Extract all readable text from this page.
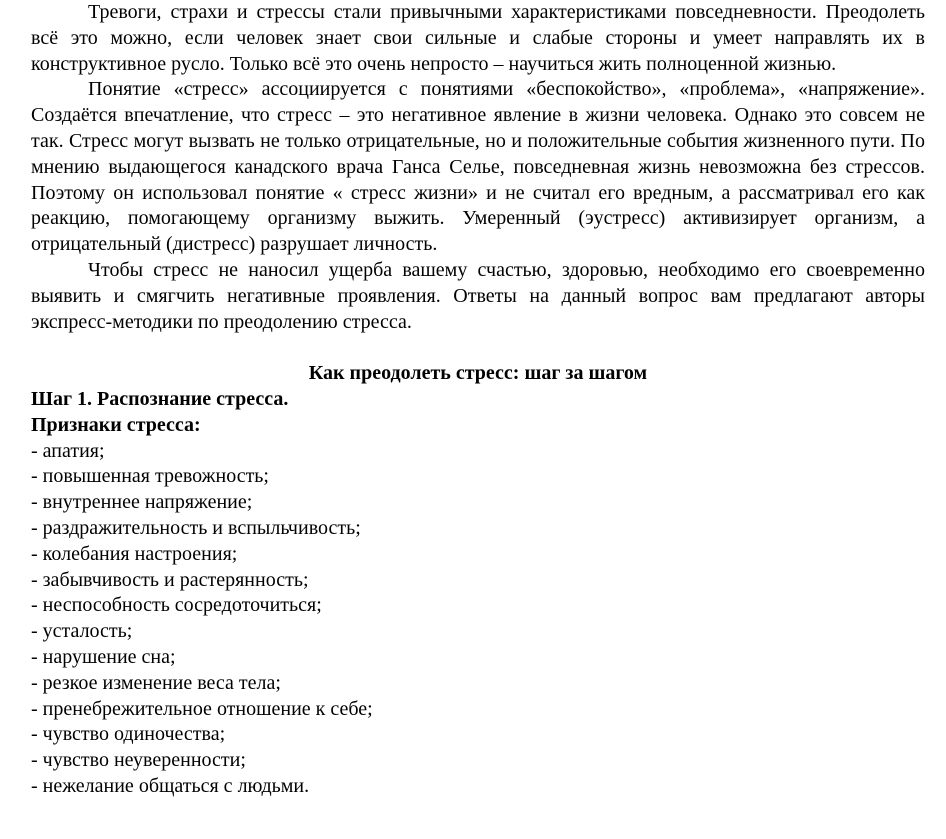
Тревоги, страхи и стрессы стали привычными характеристиками повседневности. Преодолеть всё это можно, если человек знает свои сильные и слабые стороны и умеет направлять их в конструктивное русло. Только всё это очень непросто – научиться жить полноценной жизнью.

Понятие «стресс» ассоциируется с понятиями «беспокойство», «проблема», «напряжение». Создаётся впечатление, что стресс – это негативное явление в жизни человека. Однако это совсем не так. Стресс могут вызвать не только отрицательные, но и положительные события жизненного пути. По мнению выдающегося канадского врача Ганса Селье, повседневная жизнь невозможна без стрессов. Поэтому он использовал понятие « стресс жизни» и не считал его вредным, а рассматривал его как реакцию, помогающему организму выжить. Умеренный (эустресс) активизирует организм, а отрицательный (дистресс) разрушает личность.

Чтобы стресс не наносил ущерба вашему счастью, здоровью, необходимо его своевременно выявить и смягчить негативные проявления. Ответы на данный вопрос вам предлагают авторы экспресс-методики по преодолению стресса.

Как преодолеть стресс: шаг за шагом

Шаг 1. Распознание стресса.

Признаки стресса:

- апатия;
- повышенная тревожность;
- внутреннее напряжение;
- раздражительность и вспыльчивость;
- колебания настроения;
- забывчивость и растерянность;
- неспособность сосредоточиться;
- усталость;
- нарушение сна;
- резкое изменение веса тела;
- пренебрежительное отношение к себе;
- чувство одиночества;
- чувство неуверенности;
- нежелание общаться с людьми.
